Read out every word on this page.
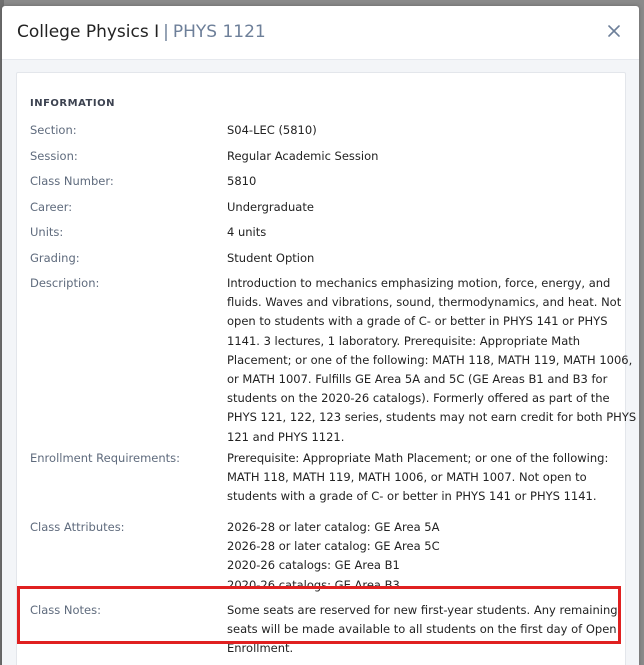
College Physics I | PHYS 1121
INFORMATION
Section:	S04-LEC (5810)
Session:	Regular Academic Session
Class Number:	5810
Career:	Undergraduate
Units:	4 units
Grading:	Student Option
Description:	Introduction to mechanics emphasizing motion, force, energy, and
fluids. Waves and vibrations, sound, thermodynamics, and heat. Not
open to students with a grade of C- or better in PHYS 141 or PHYS
1141. 3 lectures, 1 laboratory. Prerequisite: Appropriate Math
Placement; or one of the following: MATH 118, MATH 119, MATH 1006,
or MATH 1007. Fulfills GE Area 5A and 5C (GE Areas B1 and B3 for
students on the 2020-26 catalogs). Formerly offered as part of the
PHYS 121, 122, 123 series, students may not earn credit for both PHYS
121 and PHYS 1121.
Enrollment Requirements:	Prerequisite: Appropriate Math Placement; or one of the following:
MATH 118, MATH 119, MATH 1006, or MATH 1007. Not open to
students with a grade of C- or better in PHYS 141 or PHYS 1141.
Class Attributes:	2026-28 or later catalog: GE Area 5A
2026-28 or later catalog: GE Area 5C
2020-26 catalogs: GE Area B1
2020-26 catalogs: GE Area B3
Class Notes:	Some seats are reserved for new first-year students. Any remaining
seats will be made available to all students on the first day of Open
Enrollment.
